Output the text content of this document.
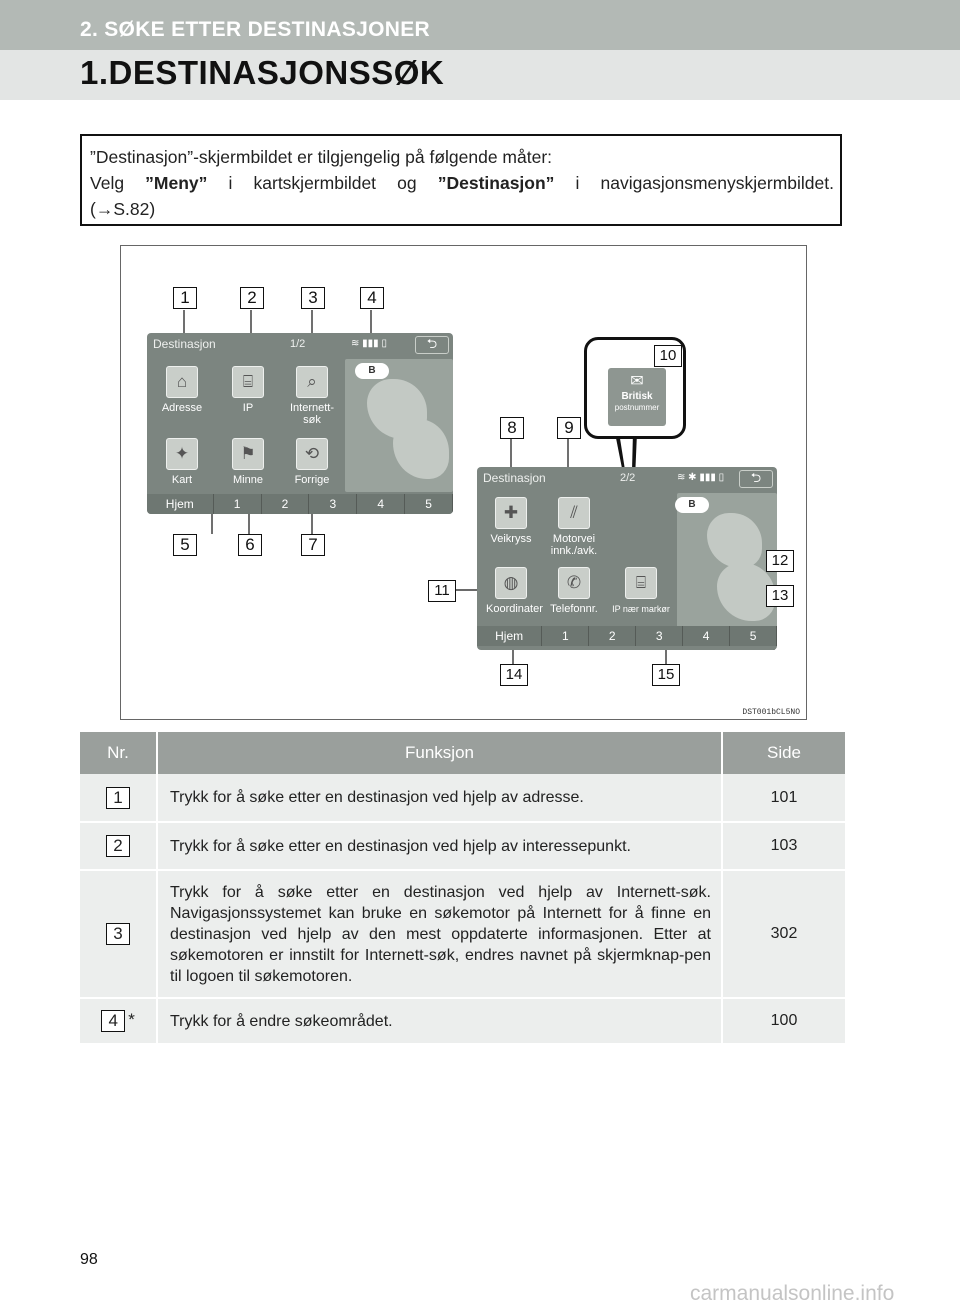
2. SØKE ETTER DESTINASJONER
1.DESTINASJONSSØK
”Destinasjon”-skjermbildet er tilgjengelig på følgende måter:
Velg ”Meny” i kartskjermbildet og ”Destinasjon” i navigasjonsmenyskjermbildet.
(→S.82)
Destinasjon	1/2	≋ ▮▮▮ ▯	⮌
B
⌂
Adresse
⌸
IP
⌕
Internett-søk
✦
Kart
⚑
Minne
⟲
Forrige
Hjem	1	2	3	4	5
Destinasjon	2/2	≋ ✱ ▮▮▮ ▯	⮌
B
✚
Veikryss
⫽
Motorvei innk./avk.
◍
Koordinater
✆
Telefonnr.
⌸
IP nær markør
Hjem	1	2	3	4	5
✉
Britisk
postnummer
1	2	3	4
5	6	7
8	9
10
11
12
13
14	15
DST001bCL5NO
Nr.	Funksjon	Side
1	Trykk for å søke etter en destinasjon ved hjelp av adresse.	101
2	Trykk for å søke etter en destinasjon ved hjelp av interessepunkt.	103
3	Trykk for å søke etter en destinasjon ved hjelp av Internett-søk. Navigasjonssystemet kan bruke en søkemotor på Internett for å finne en destinasjon ved hjelp av den mest oppdaterte informasjonen. Etter at søkemotoren er innstilt for Internett-søk, endres navnet på skjermknap-pen til logoen til søkemotoren.	302
4 *	Trykk for å endre søkeområdet.	100
98
carmanualsonline.info
